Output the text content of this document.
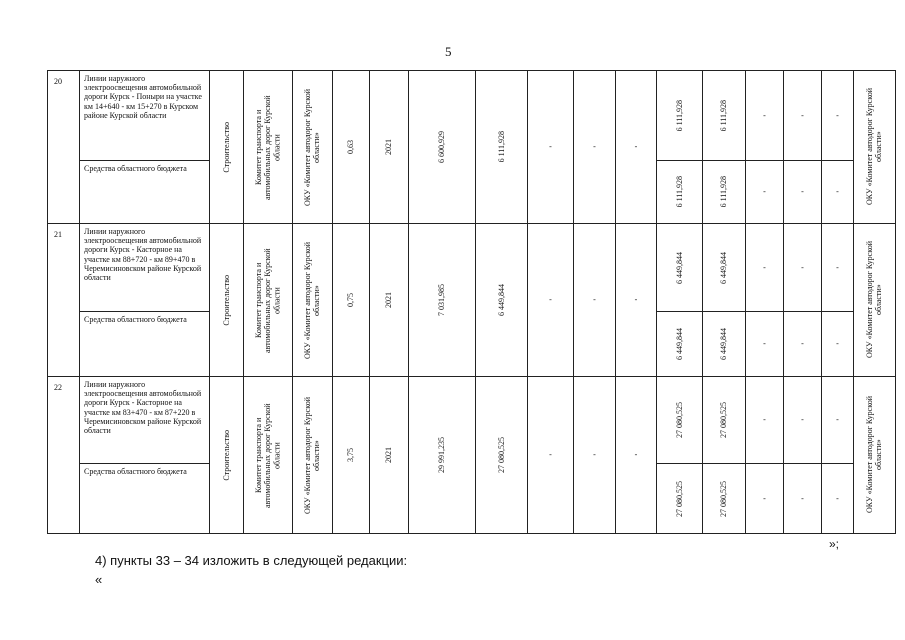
5
20	Линии наружного электроосвещения автомобильной дороги Курск - Поныри на участке км 14+640 - км 15+270 в Курском районе Курской области	Строительство	Комитет транспорта и автомобильных дорог Курской области	ОКУ «Комитет автодорог Курской области»	0,63	2021	6 600,929	6 111,928	-	-	-	6 111,928	6 111,928	-	-	-	ОКУ «Комитет автодорог Курской области»

	Средства областного бюджета											6 111,928	6 111,928	-	-	-	
21	Линии наружного электроосвещения автомобильной дороги Курск - Касторное на участке км 88+720 - км 89+470 в Черемисиновском районе Курской области	Строительство	Комитет транспорта и автомобильных дорог Курской области	ОКУ «Комитет автодорог Курской области»	0,75	2021	7 031,985	6 449,844	-	-	-	6 449,844	6 449,844	-	-	-	ОКУ «Комитет автодорог Курской области»

	Средства областного бюджета											6 449,844	6 449,844	-	-	-	
22	Линии наружного электроосвещения автомобильной дороги Курск - Касторное на участке км 83+470 - км 87+220 в Черемисиновском районе Курской области	Строительство	Комитет транспорта и автомобильных дорог Курской области	ОКУ «Комитет автодорог Курской области»	3,75	2021	29 991,235	27 080,525	-	-	-	27 080,525	27 080,525	-	-	-	ОКУ «Комитет автодорог Курской области»

	Средства областного бюджета											27 080,525	27 080,525	-	-	-	
»;
4) пункты 33 – 34 изложить в следующей редакции:
«
